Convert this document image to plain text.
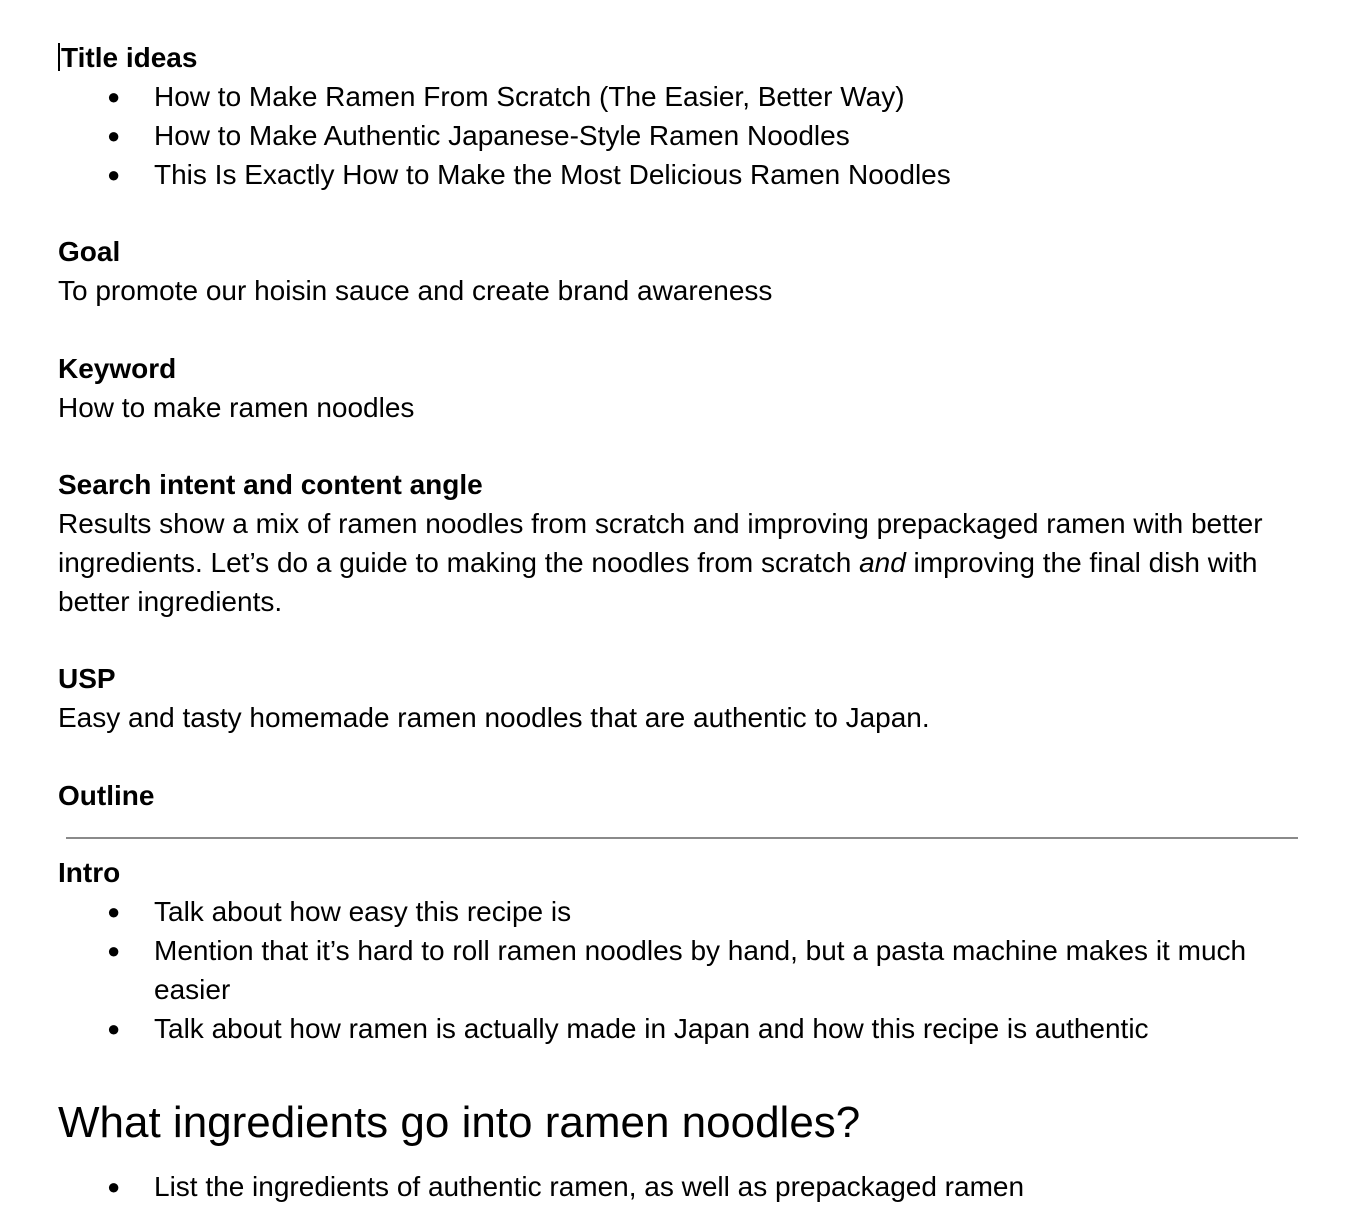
Title ideas
● How to Make Ramen From Scratch (The Easier, Better Way)
● How to Make Authentic Japanese-Style Ramen Noodles
● This Is Exactly How to Make the Most Delicious Ramen Noodles
Goal
To promote our hoisin sauce and create brand awareness
Keyword
How to make ramen noodles
Search intent and content angle
Results show a mix of ramen noodles from scratch and improving prepackaged ramen with better ingredients. Let’s do a guide to making the noodles from scratch and improving the final dish with better ingredients.
USP
Easy and tasty homemade ramen noodles that are authentic to Japan.
Outline
Intro
● Talk about how easy this recipe is
● Mention that it’s hard to roll ramen noodles by hand, but a pasta machine makes it much easier
● Talk about how ramen is actually made in Japan and how this recipe is authentic
What ingredients go into ramen noodles?
● List the ingredients of authentic ramen, as well as prepackaged ramen
